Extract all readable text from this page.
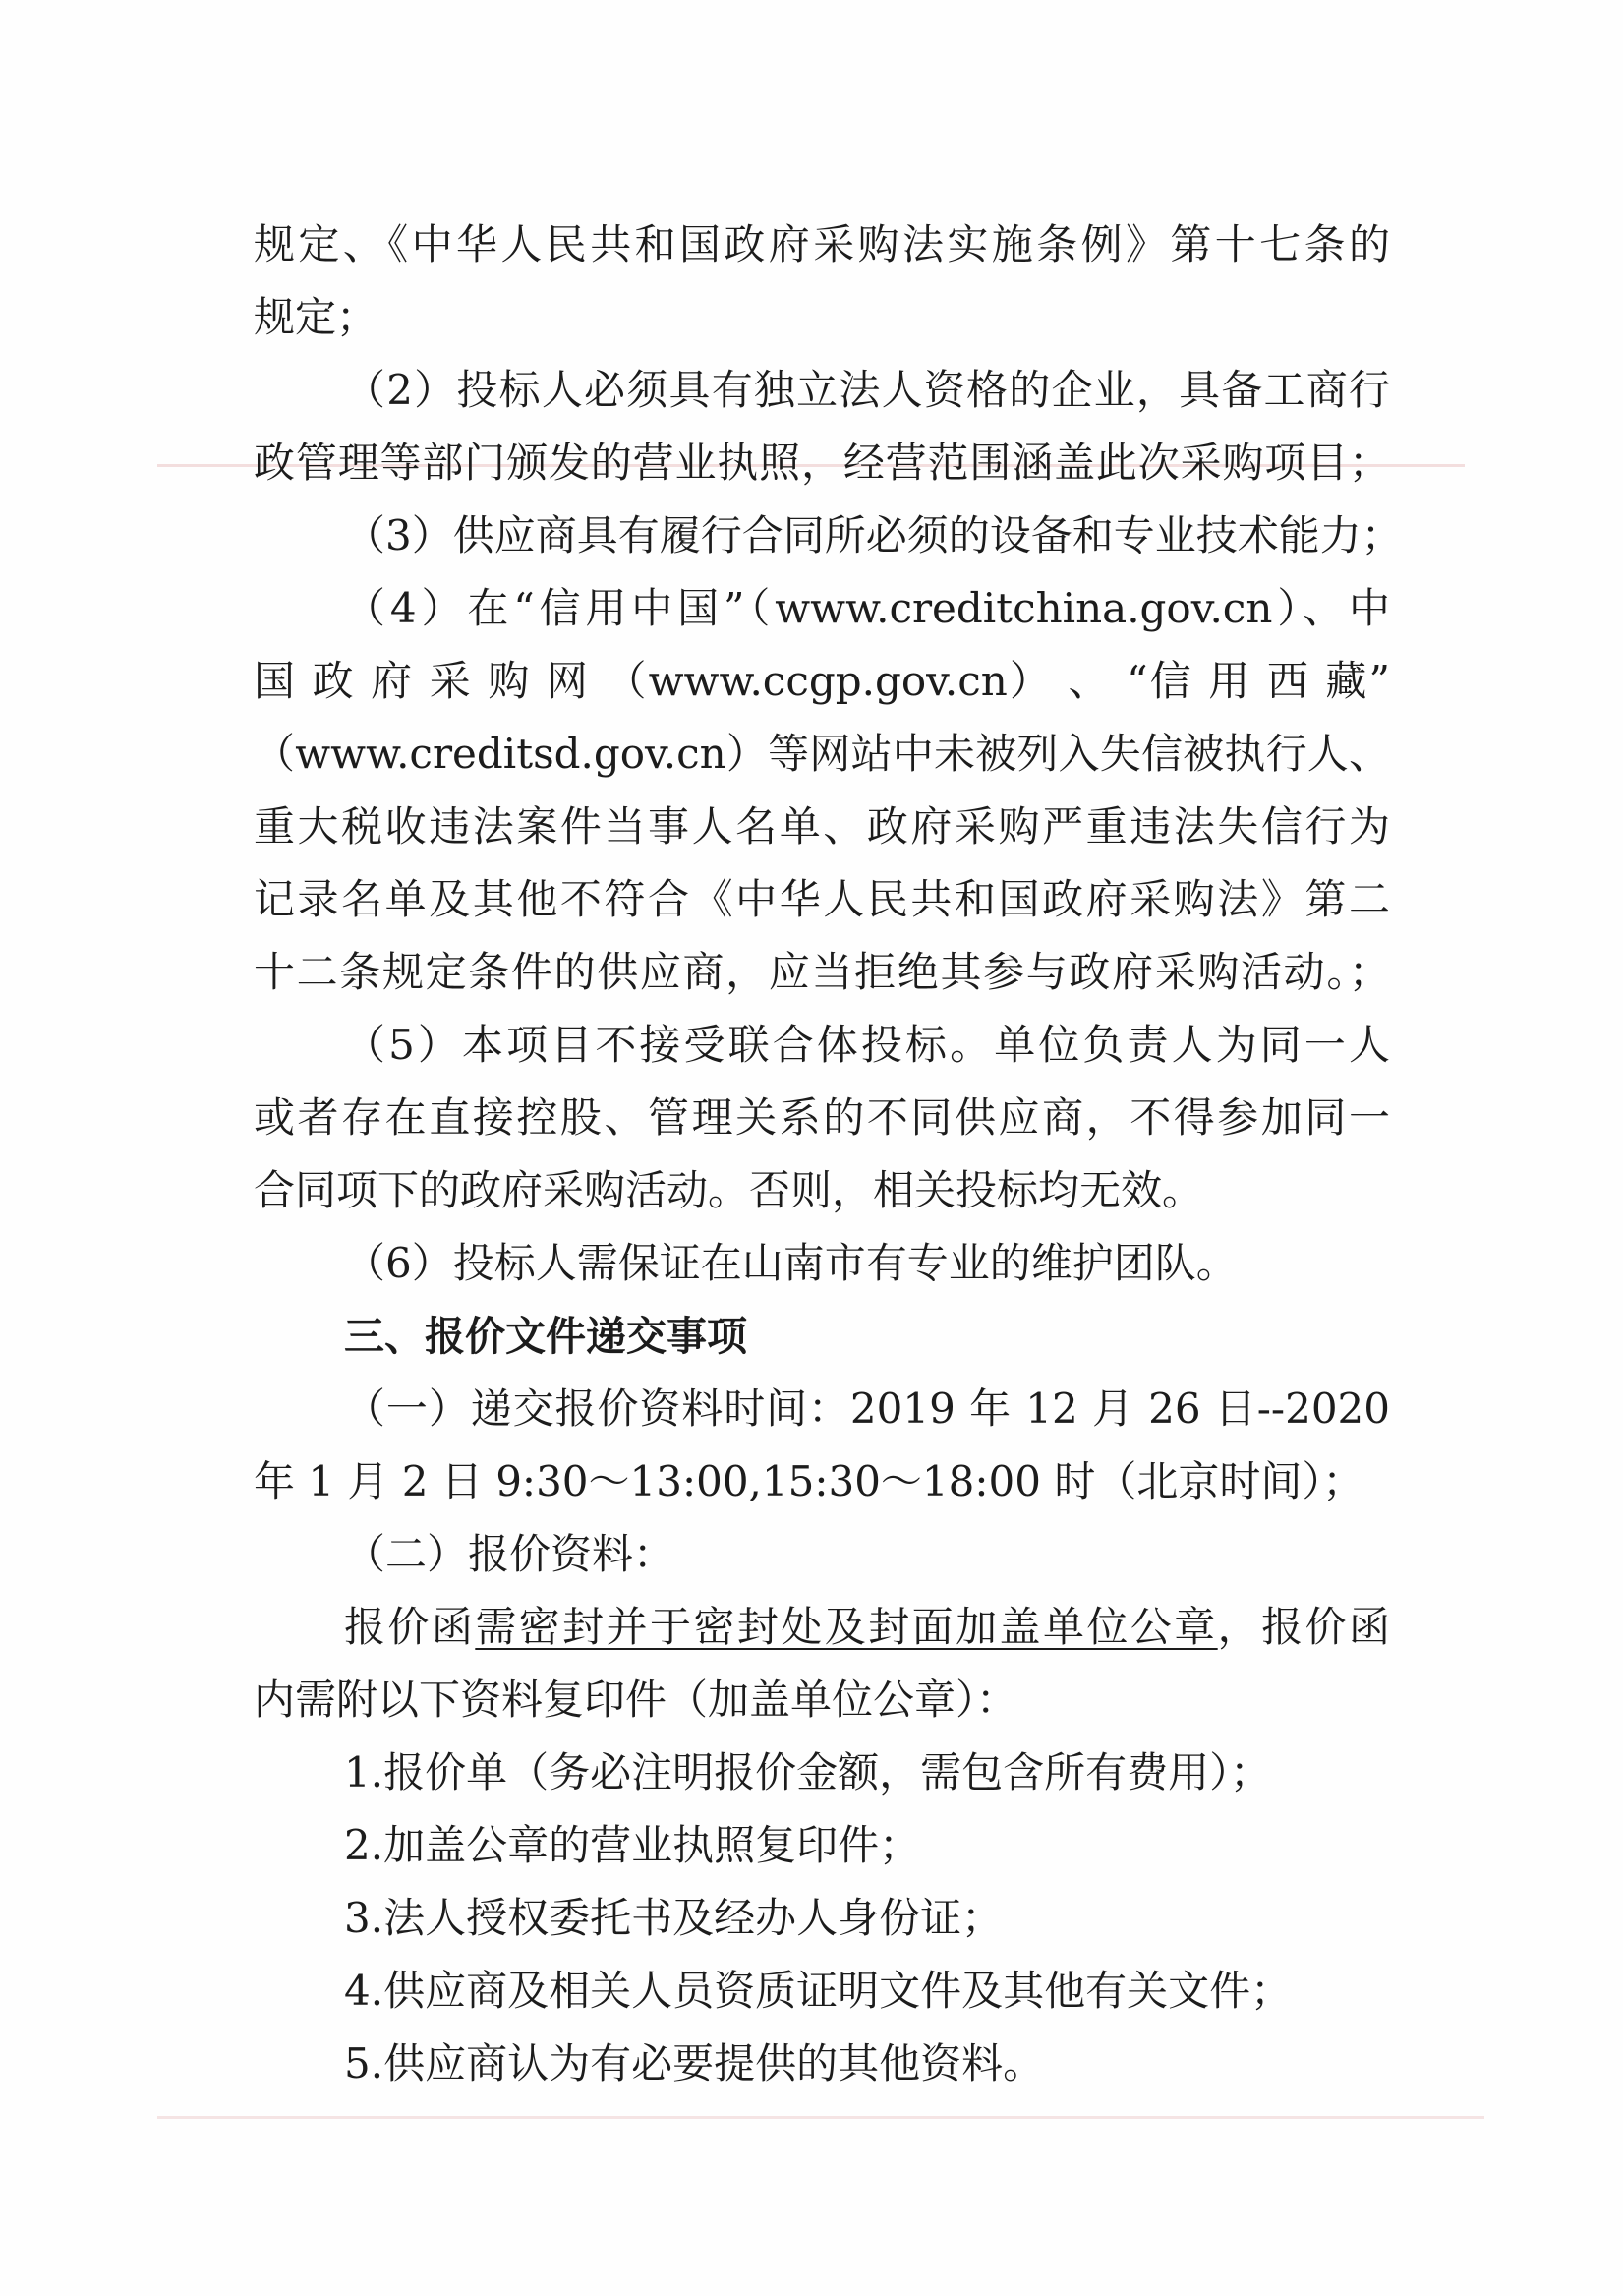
规定、《中华人民共和国政府采购法实施条例》第十七条的
规定；
（2）投标人必须具有独立法人资格的企业，具备工商行
政管理等部门颁发的营业执照，经营范围涵盖此次采购项目；
（3）供应商具有履行合同所必须的设备和专业技术能力；
（4）在“信用中国”（www.creditchina.gov.cn）、中
国 政 府 采 购 网 （www.ccgp.gov.cn） 、 “信 用 西 藏”
（www.creditsd.gov.cn）等网站中未被列入失信被执行人、
重大税收违法案件当事人名单、政府采购严重违法失信行为
记录名单及其他不符合《中华人民共和国政府采购法》第二
十二条规定条件的供应商，应当拒绝其参与政府采购活动。；
（5）本项目不接受联合体投标。单位负责人为同一人
或者存在直接控股、管理关系的不同供应商，不得参加同一
合同项下的政府采购活动。否则，相关投标均无效。
（6）投标人需保证在山南市有专业的维护团队。
三、报价文件递交事项
（一）递交报价资料时间：2019 年 12 月 26 日--2020
年 1 月 2 日 9:30～13:00,15:30～18:00 时（北京时间）；
（二）报价资料：
报价函需密封并于密封处及封面加盖单位公章，报价函
内需附以下资料复印件（加盖单位公章）：
1.报价单（务必注明报价金额，需包含所有费用）；
2.加盖公章的营业执照复印件；
3.法人授权委托书及经办人身份证；
4.供应商及相关人员资质证明文件及其他有关文件；
5.供应商认为有必要提供的其他资料。
